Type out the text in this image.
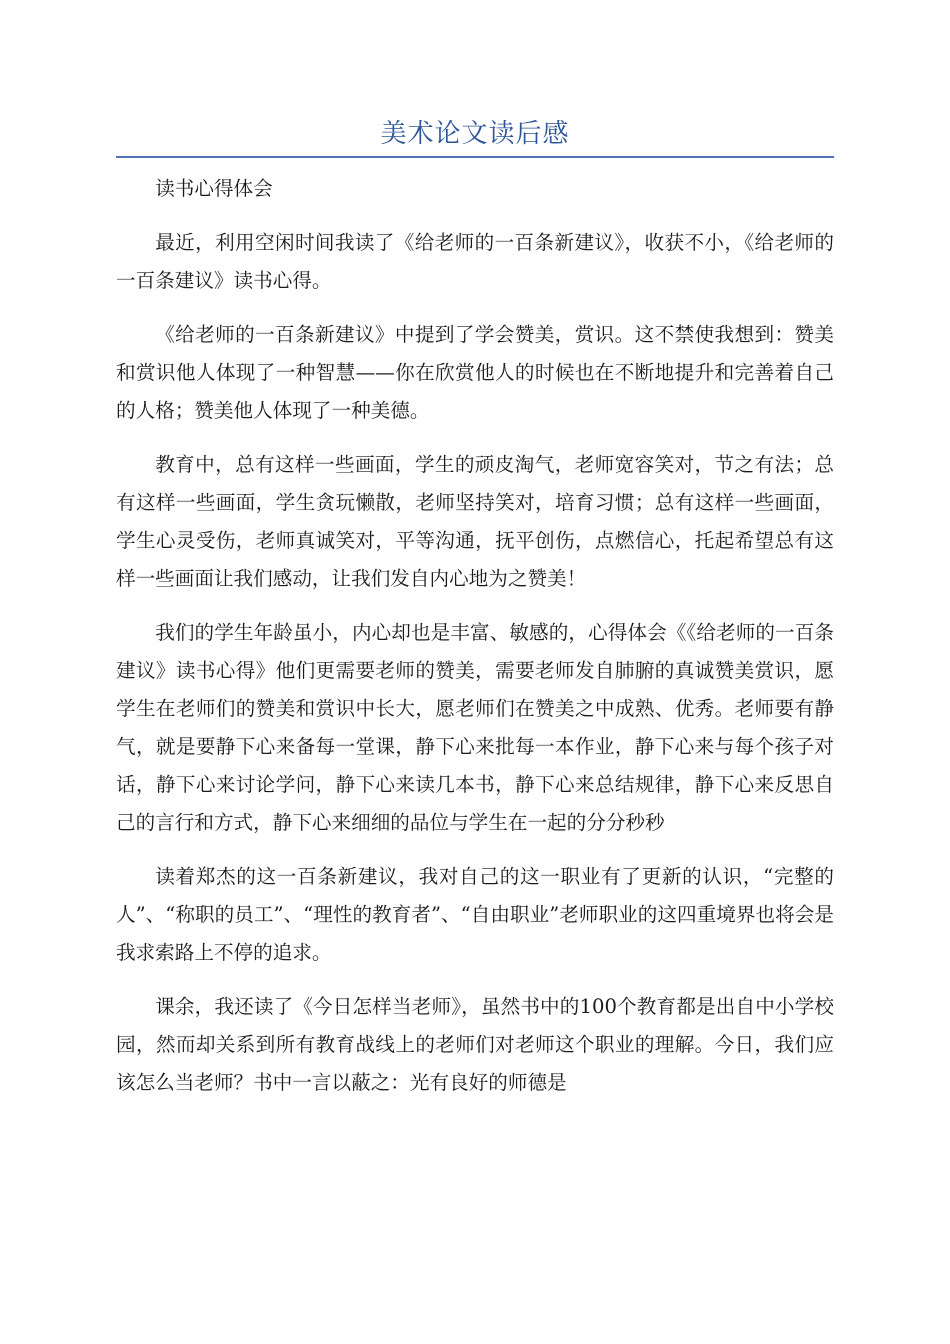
美术论文读后感

读书心得体会

最近，利用空闲时间我读了《给老师的一百条新建议》，收获不小，《给老师的一百条建议》读书心得。

《给老师的一百条新建议》中提到了学会赞美，赏识。这不禁使我想到：赞美和赏识他人体现了一种智慧——你在欣赏他人的时候也在不断地提升和完善着自己的人格；赞美他人体现了一种美德。

教育中，总有这样一些画面，学生的顽皮淘气，老师宽容笑对，节之有法；总有这样一些画面，学生贪玩懒散，老师坚持笑对，培育习惯；总有这样一些画面，学生心灵受伤，老师真诚笑对，平等沟通，抚平创伤，点燃信心，托起希望总有这样一些画面让我们感动，让我们发自内心地为之赞美！

我们的学生年龄虽小，内心却也是丰富、敏感的，心得体会《《给老师的一百条建议》读书心得》他们更需要老师的赞美，需要老师发自肺腑的真诚赞美赏识，愿学生在老师们的赞美和赏识中长大，愿老师们在赞美之中成熟、优秀。老师要有静气，就是要静下心来备每一堂课，静下心来批每一本作业，静下心来与每个孩子对话，静下心来讨论学问，静下心来读几本书，静下心来总结规律，静下心来反思自己的言行和方式，静下心来细细的品位与学生在一起的分分秒秒

读着郑杰的这一百条新建议，我对自己的这一职业有了更新的认识，“完整的人”、“称职的员工”、“理性的教育者”、“自由职业”老师职业的这四重境界也将会是我求索路上不停的追求。

课余，我还读了《今日怎样当老师》，虽然书中的100个教育都是出自中小学校园，然而却关系到所有教育战线上的老师们对老师这个职业的理解。今日，我们应该怎么当老师？书中一言以蔽之：光有良好的师德是
